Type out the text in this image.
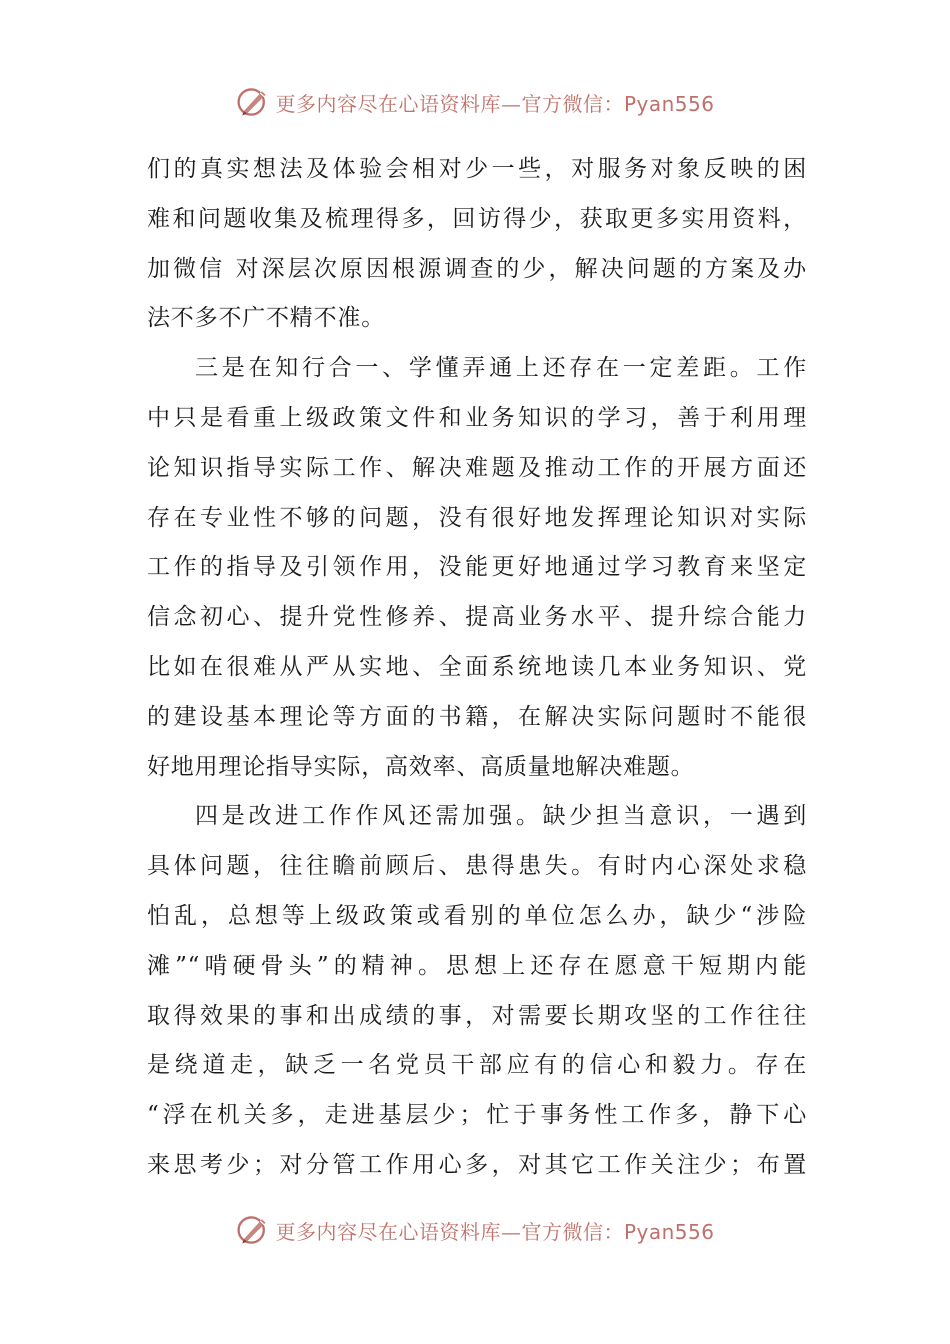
更多内容尽在心语资料库—官方微信：Pyan556
们的真实想法及体验会相对少一些，对服务对象反映的困
难和问题收集及梳理得多，回访得少，获取更多实用资料，
加微信 对深层次原因根源调查的少，解决问题的方案及办
法不多不广不精不准。
三是在知行合一、学懂弄通上还存在一定差距。工作
中只是看重上级政策文件和业务知识的学习，善于利用理
论知识指导实际工作、解决难题及推动工作的开展方面还
存在专业性不够的问题，没有很好地发挥理论知识对实际
工作的指导及引领作用，没能更好地通过学习教育来坚定
信念初心、提升党性修养、提高业务水平、提升综合能力
比如在很难从严从实地、全面系统地读几本业务知识、党
的建设基本理论等方面的书籍，在解决实际问题时不能很
好地用理论指导实际，高效率、高质量地解决难题。
四是改进工作作风还需加强。缺少担当意识，一遇到
具体问题，往往瞻前顾后、患得患失。有时内心深处求稳
怕乱，总想等上级政策或看别的单位怎么办，缺少“涉险
滩”“啃硬骨头”的精神。思想上还存在愿意干短期内能
取得效果的事和出成绩的事，对需要长期攻坚的工作往往
是绕道走，缺乏一名党员干部应有的信心和毅力。存在
“浮在机关多，走进基层少；忙于事务性工作多，静下心
来思考少；对分管工作用心多，对其它工作关注少；布置
更多内容尽在心语资料库—官方微信：Pyan556
